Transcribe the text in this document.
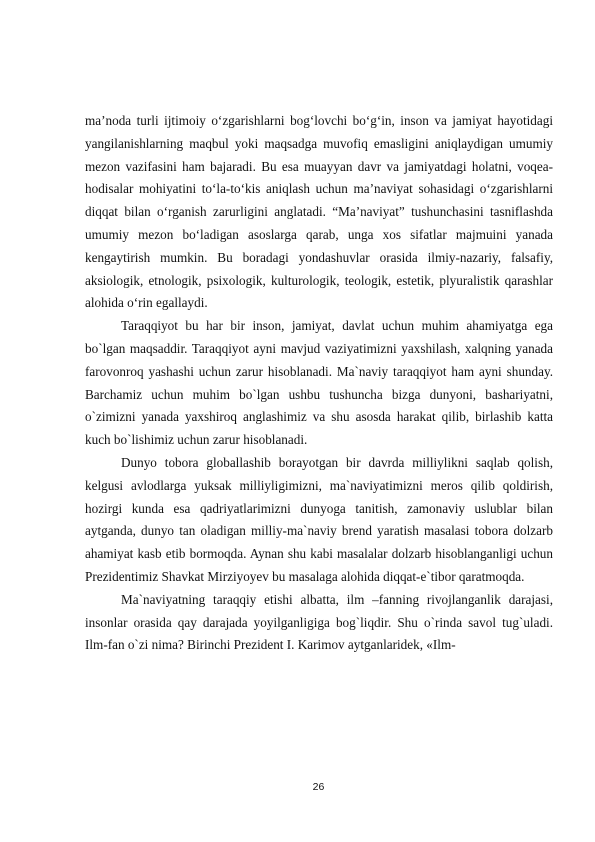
ma’noda turli ijtimoiy o‘zgarishlarni bog‘lovchi bo‘g‘in, inson va jamiyat hayotidagi yangilanishlarning maqbul yoki maqsadga muvofiq emasligini aniqlaydigan umumiy mezon vazifasini ham bajaradi. Bu esa muayyan davr va jamiyatdagi holatni, voqea-hodisalar mohiyatini to‘la-to‘kis aniqlash uchun ma’naviyat sohasidagi o‘zgarishlarni diqqat bilan o‘rganish zarurligini anglatadi. “Ma’naviyat” tushunchasini tasniflashda umumiy mezon bo‘ladigan asoslarga qarab, unga xos sifatlar majmuini yanada kengaytirish mumkin. Bu boradagi yondashuvlar orasida ilmiy-nazariy, falsafiy, aksiologik, etnologik, psixologik, kulturologik, teologik, estetik, plyuralistik qarashlar alohida o‘rin egallaydi.

Taraqqiyot bu har bir inson, jamiyat, davlat uchun muhim ahamiyatga ega bo`lgan maqsaddir. Taraqqiyot ayni mavjud vaziyatimizni yaxshilash, xalqning yanada farovonroq yashashi uchun zarur hisoblanadi. Ma`naviy taraqqiyot ham ayni shunday. Barchamiz uchun muhim bo`lgan ushbu tushuncha bizga dunyoni, bashariyatni, o`zimizni yanada yaxshiroq anglashimiz va shu asosda harakat qilib, birlashib katta kuch bo`lishimiz uchun zarur hisoblanadi.

Dunyo tobora globallashib borayotgan bir davrda milliylikni saqlab qolish, kelgusi avlodlarga yuksak milliyligimizni, ma`naviyatimizni meros qilib qoldirish, hozirgi kunda esa qadriyatlarimizni dunyoga tanitish, zamonaviy uslublar bilan aytganda, dunyo tan oladigan milliy-ma`naviy brend yaratish masalasi tobora dolzarb ahamiyat kasb etib bormoqda. Aynan shu kabi masalalar dolzarb hisoblanganligi uchun Prezidentimiz Shavkat Mirziyoyev bu masalaga alohida diqqat-e`tibor qaratmoqda.

Ma`naviyatning taraqqiy etishi albatta, ilm –fanning rivojlanganlik darajasi, insonlar orasida qay darajada yoyilganligiga bog`liqdir. Shu o`rinda savol tug`uladi. Ilm-fan o`zi nima? Birinchi Prezident I. Karimov aytganlaridek, «Ilm-

26
